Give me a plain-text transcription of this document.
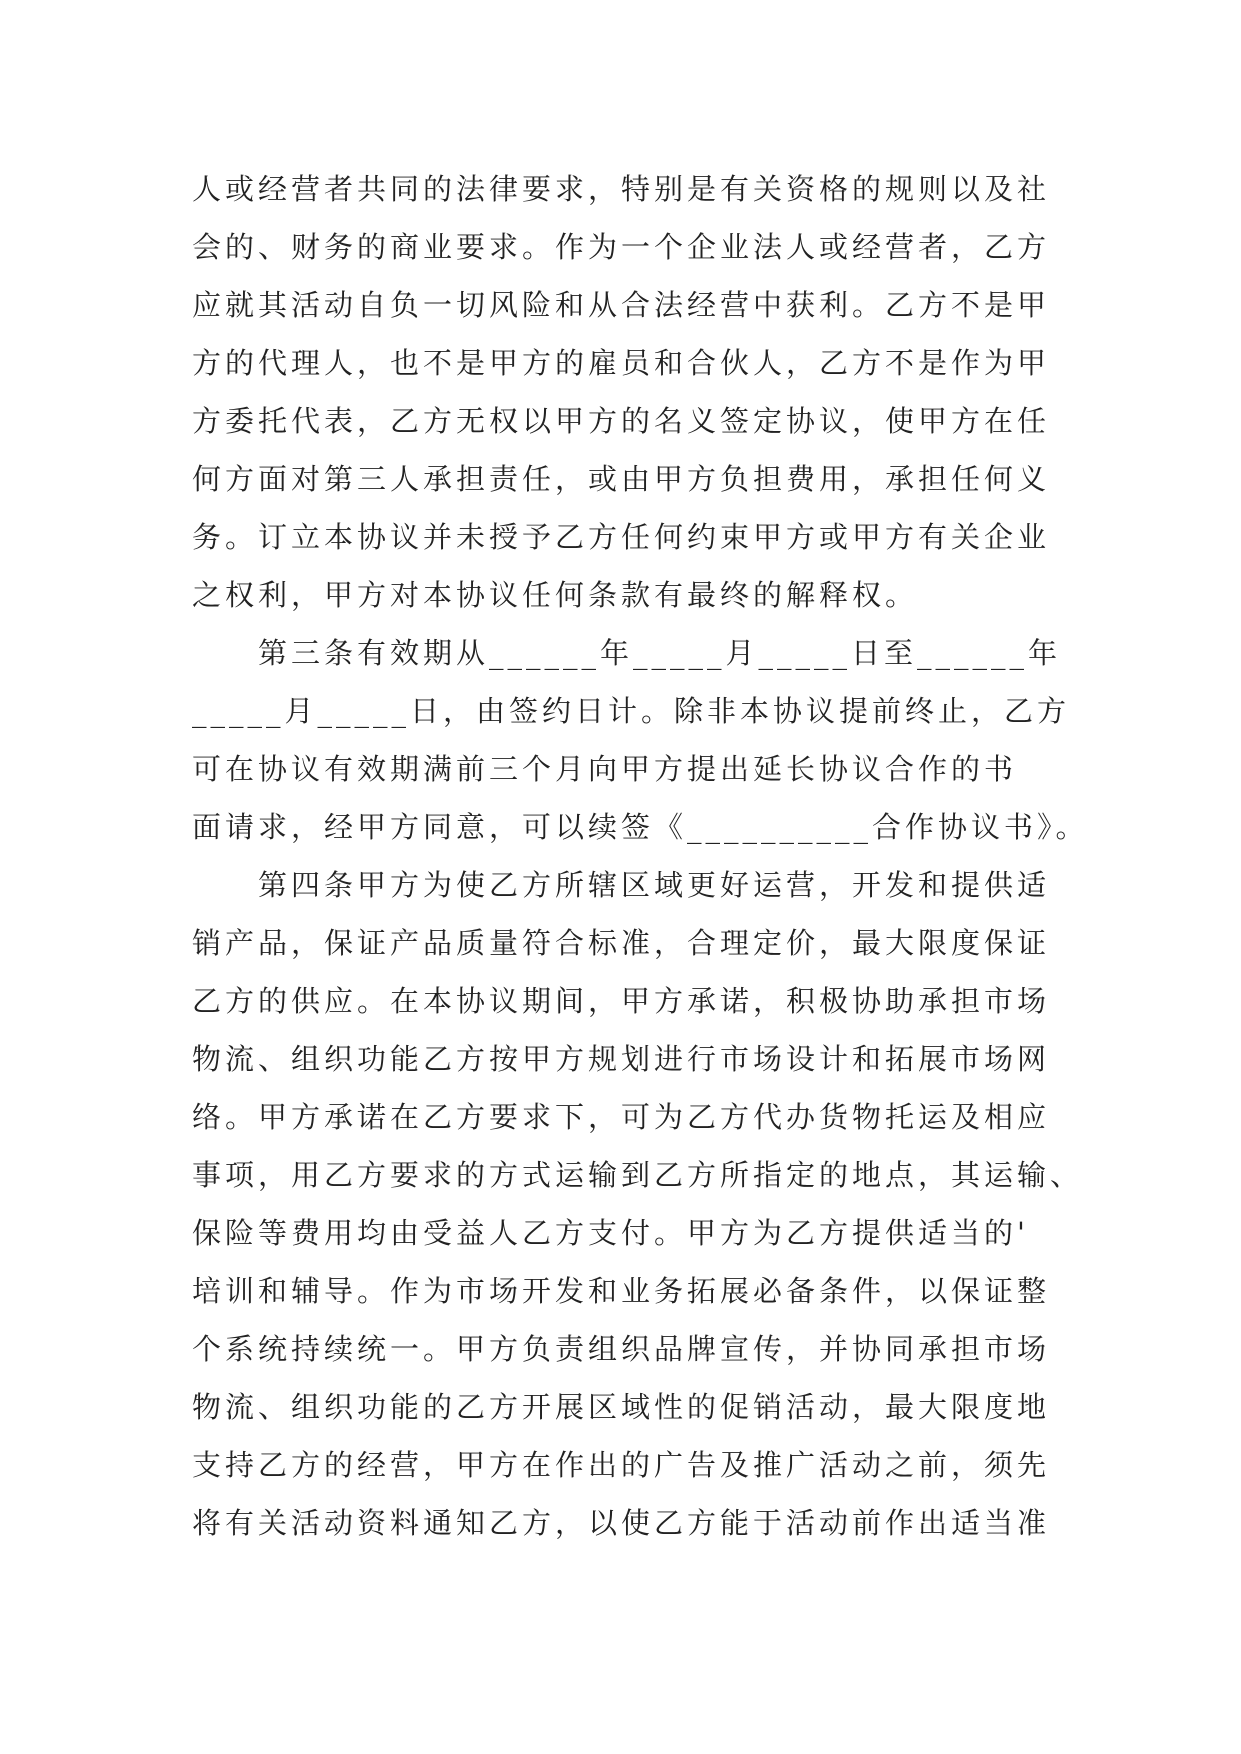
人或经营者共同的法律要求，特别是有关资格的规则以及社
会的、财务的商业要求。作为一个企业法人或经营者，乙方
应就其活动自负一切风险和从合法经营中获利。乙方不是甲
方的代理人，也不是甲方的雇员和合伙人，乙方不是作为甲
方委托代表，乙方无权以甲方的名义签定协议，使甲方在任
何方面对第三人承担责任，或由甲方负担费用，承担任何义
务。订立本协议并未授予乙方任何约束甲方或甲方有关企业
之权利，甲方对本协议任何条款有最终的解释权。
第三条有效期从______年_____月_____日至______年
_____月_____日，由签约日计。除非本协议提前终止，乙方
可在协议有效期满前三个月向甲方提出延长协议合作的书
面请求，经甲方同意，可以续签《__________合作协议书》。
第四条甲方为使乙方所辖区域更好运营，开发和提供适
销产品，保证产品质量符合标准，合理定价，最大限度保证
乙方的供应。在本协议期间，甲方承诺，积极协助承担市场
物流、组织功能乙方按甲方规划进行市场设计和拓展市场网
络。甲方承诺在乙方要求下，可为乙方代办货物托运及相应
事项，用乙方要求的方式运输到乙方所指定的地点，其运输、
保险等费用均由受益人乙方支付。甲方为乙方提供适当的'
培训和辅导。作为市场开发和业务拓展必备条件，以保证整
个系统持续统一。甲方负责组织品牌宣传，并协同承担市场
物流、组织功能的乙方开展区域性的促销活动，最大限度地
支持乙方的经营，甲方在作出的广告及推广活动之前，须先
将有关活动资料通知乙方，以使乙方能于活动前作出适当准
